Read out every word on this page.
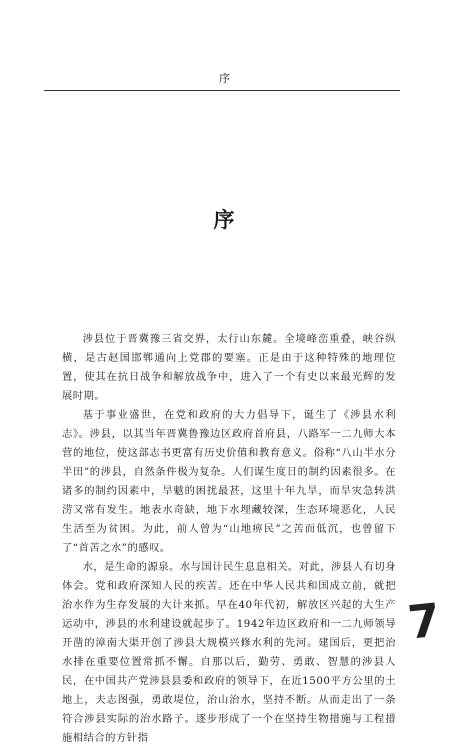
序
序

涉县位于晋冀豫三省交界，太行山东麓。全境峰峦重叠，峡谷纵横，是古赵国邯郸通向上党郡的要塞。正是由于这种特殊的地理位置，使其在抗日战争和解放战争中，进入了一个有史以来最光辉的发展时期。

基于事业盛世，在党和政府的大力倡导下，诞生了《涉县水利志》。涉县，以其当年晋冀鲁豫边区政府首府县，八路军一二九师大本营的地位，使这部志书更富有历史价值和教育意义。俗称“八山半水分半田”的涉县，自然条件极为复杂。人们谋生度日的制约因素很多。在诸多的制约因素中，旱魃的困扰最甚，这里十年九旱，而旱灾急转洪涝又常有发生。地表水奇缺，地下水埋藏较深，生态环境恶化，人民生活至为贫困。为此，前人曾为“山地痹民”之苦而低沉，也曾留下了“首苦之水”的感叹。

水，是生命的源泉。水与国计民生息息相关。对此，涉县人有切身体会。党和政府深知人民的疾苦。还在中华人民共和国成立前，就把治水作为生存发展的大计来抓。早在40年代初，解放区兴起的大生产运动中，涉县的水利建设就起步了。1942年边区政府和一二九师领导开凿的漳南大渠开创了涉县大规模兴修水利的先河。建国后，更把治水排在重要位置常抓不懈。自那以后，勤劳、勇敢、智慧的涉县人民，在中国共产党涉县县委和政府的领导下，在近1500平方公里的土地上，夫志图强，勇敢堤位，治山治水，坚持不断。从而走出了一条符合涉县实际的治水路子。逐步形成了一个在坚持生物措施与工程措施相结合的方针指

7
